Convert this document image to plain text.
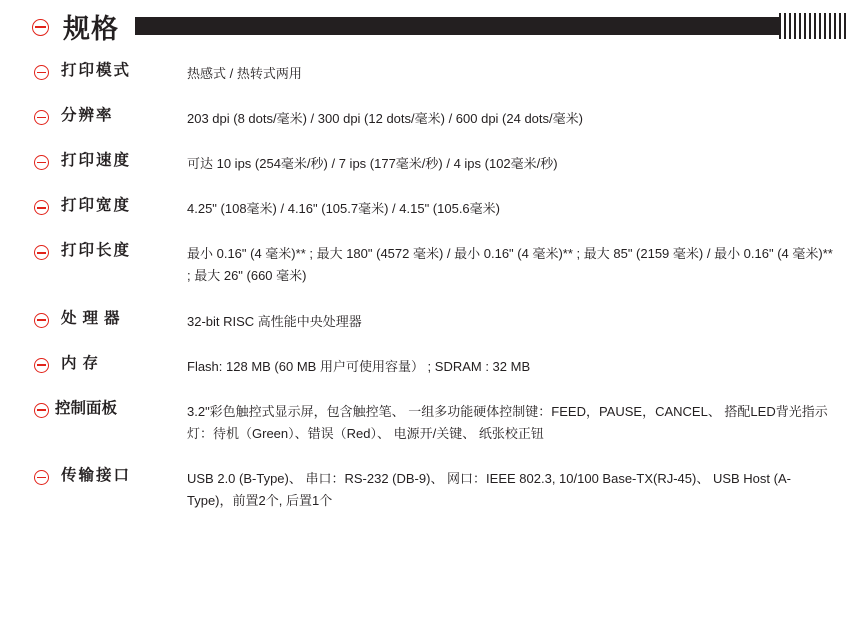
规格
打印模式	热感式 / 热转式两用
分辨率	203 dpi (8 dots/毫米) / 300 dpi (12 dots/毫米) / 600 dpi (24 dots/毫米)
打印速度	可达 10 ips (254毫米/秒) / 7 ips (177毫米/秒) / 4 ips (102毫米/秒)
打印宽度	4.25" (108毫米) / 4.16" (105.7毫米) / 4.15" (105.6毫米)
打印长度	最小 0.16" (4 毫米)** ; 最大 180" (4572 毫米) / 最小 0.16" (4 毫米)** ; 最大 85" (2159 毫米) / 最小 0.16" (4 毫米)** ; 最大 26" (660 毫米)
处理器	32-bit RISC 高性能中央处理器
内存	Flash: 128 MB (60 MB 用户可使用容量） ; SDRAM : 32 MB
控制面板	3.2"彩色触控式显示屏，包含触控笔、 一组多功能硬体控制键：FEED，PAUSE，CANCEL、 搭配LED背光指示灯：待机（Green）、错误（Red）、 电源开/关键、 纸张校正钮
传输接口	USB 2.0 (B-Type)、 串口：RS-232 (DB-9)、 网口：IEEE 802.3, 10/100 Base-TX(RJ-45)、 USB Host (A-Type)，前置2个, 后置1个
